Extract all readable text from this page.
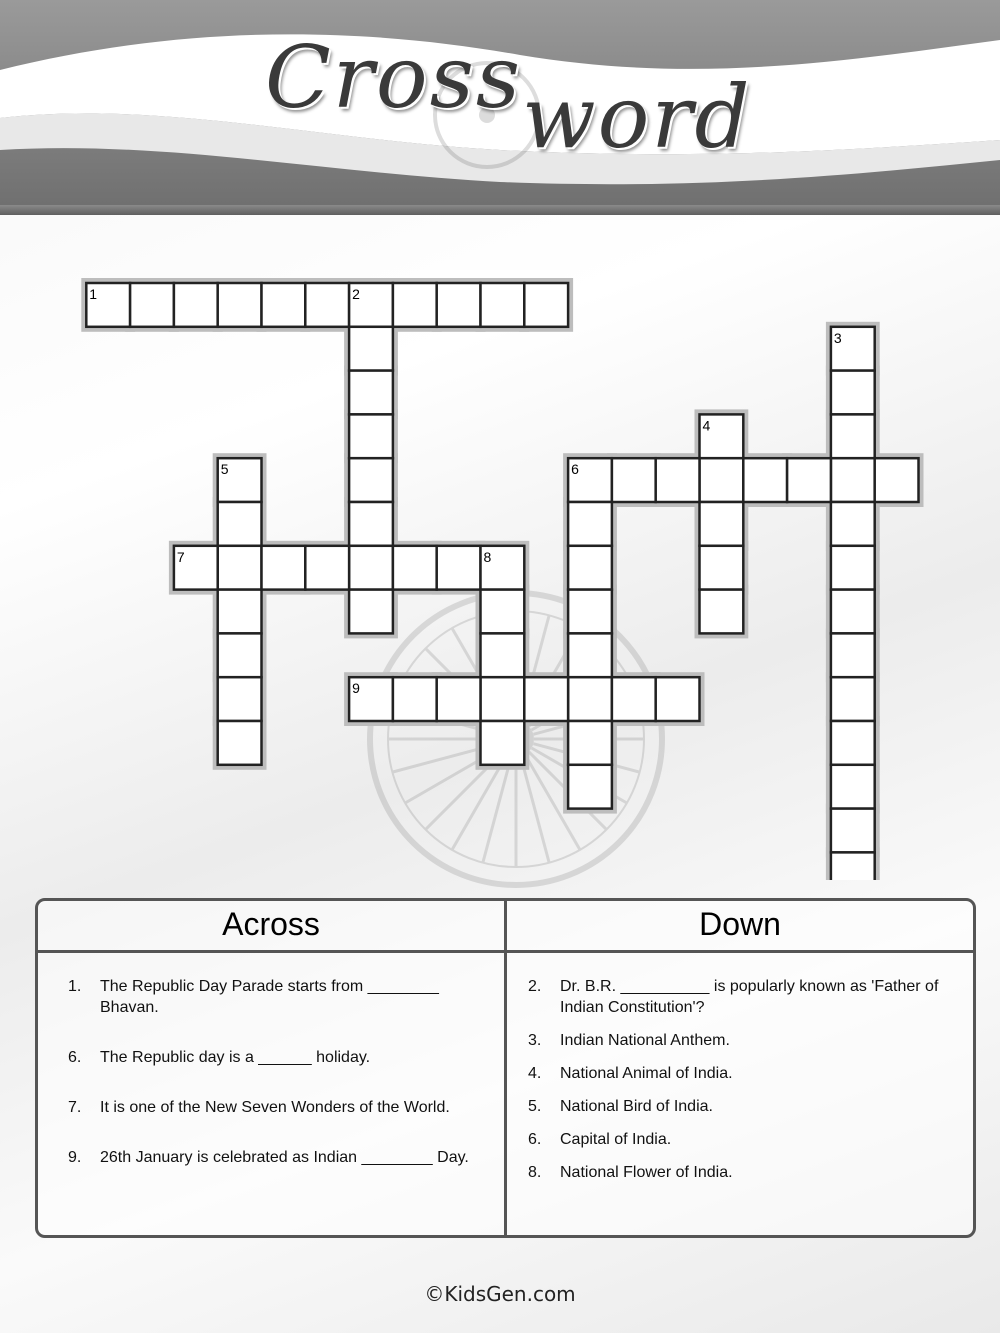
Crossword
1	2
3
4
5	6
7	8
9
Across	Down
1. The Republic Day Parade starts from ________ Bhavan.
6. The Republic day is a ______ holiday.
7. It is one of the New Seven Wonders of the World.
9. 26th January is celebrated as Indian ________ Day.
2. Dr. B.R. __________ is popularly known as 'Father of Indian Constitution'?
3. Indian National Anthem.
4. National Animal of India.
5. National Bird of India.
6. Capital of India.
8. National Flower of India.
©KidsGen.com
